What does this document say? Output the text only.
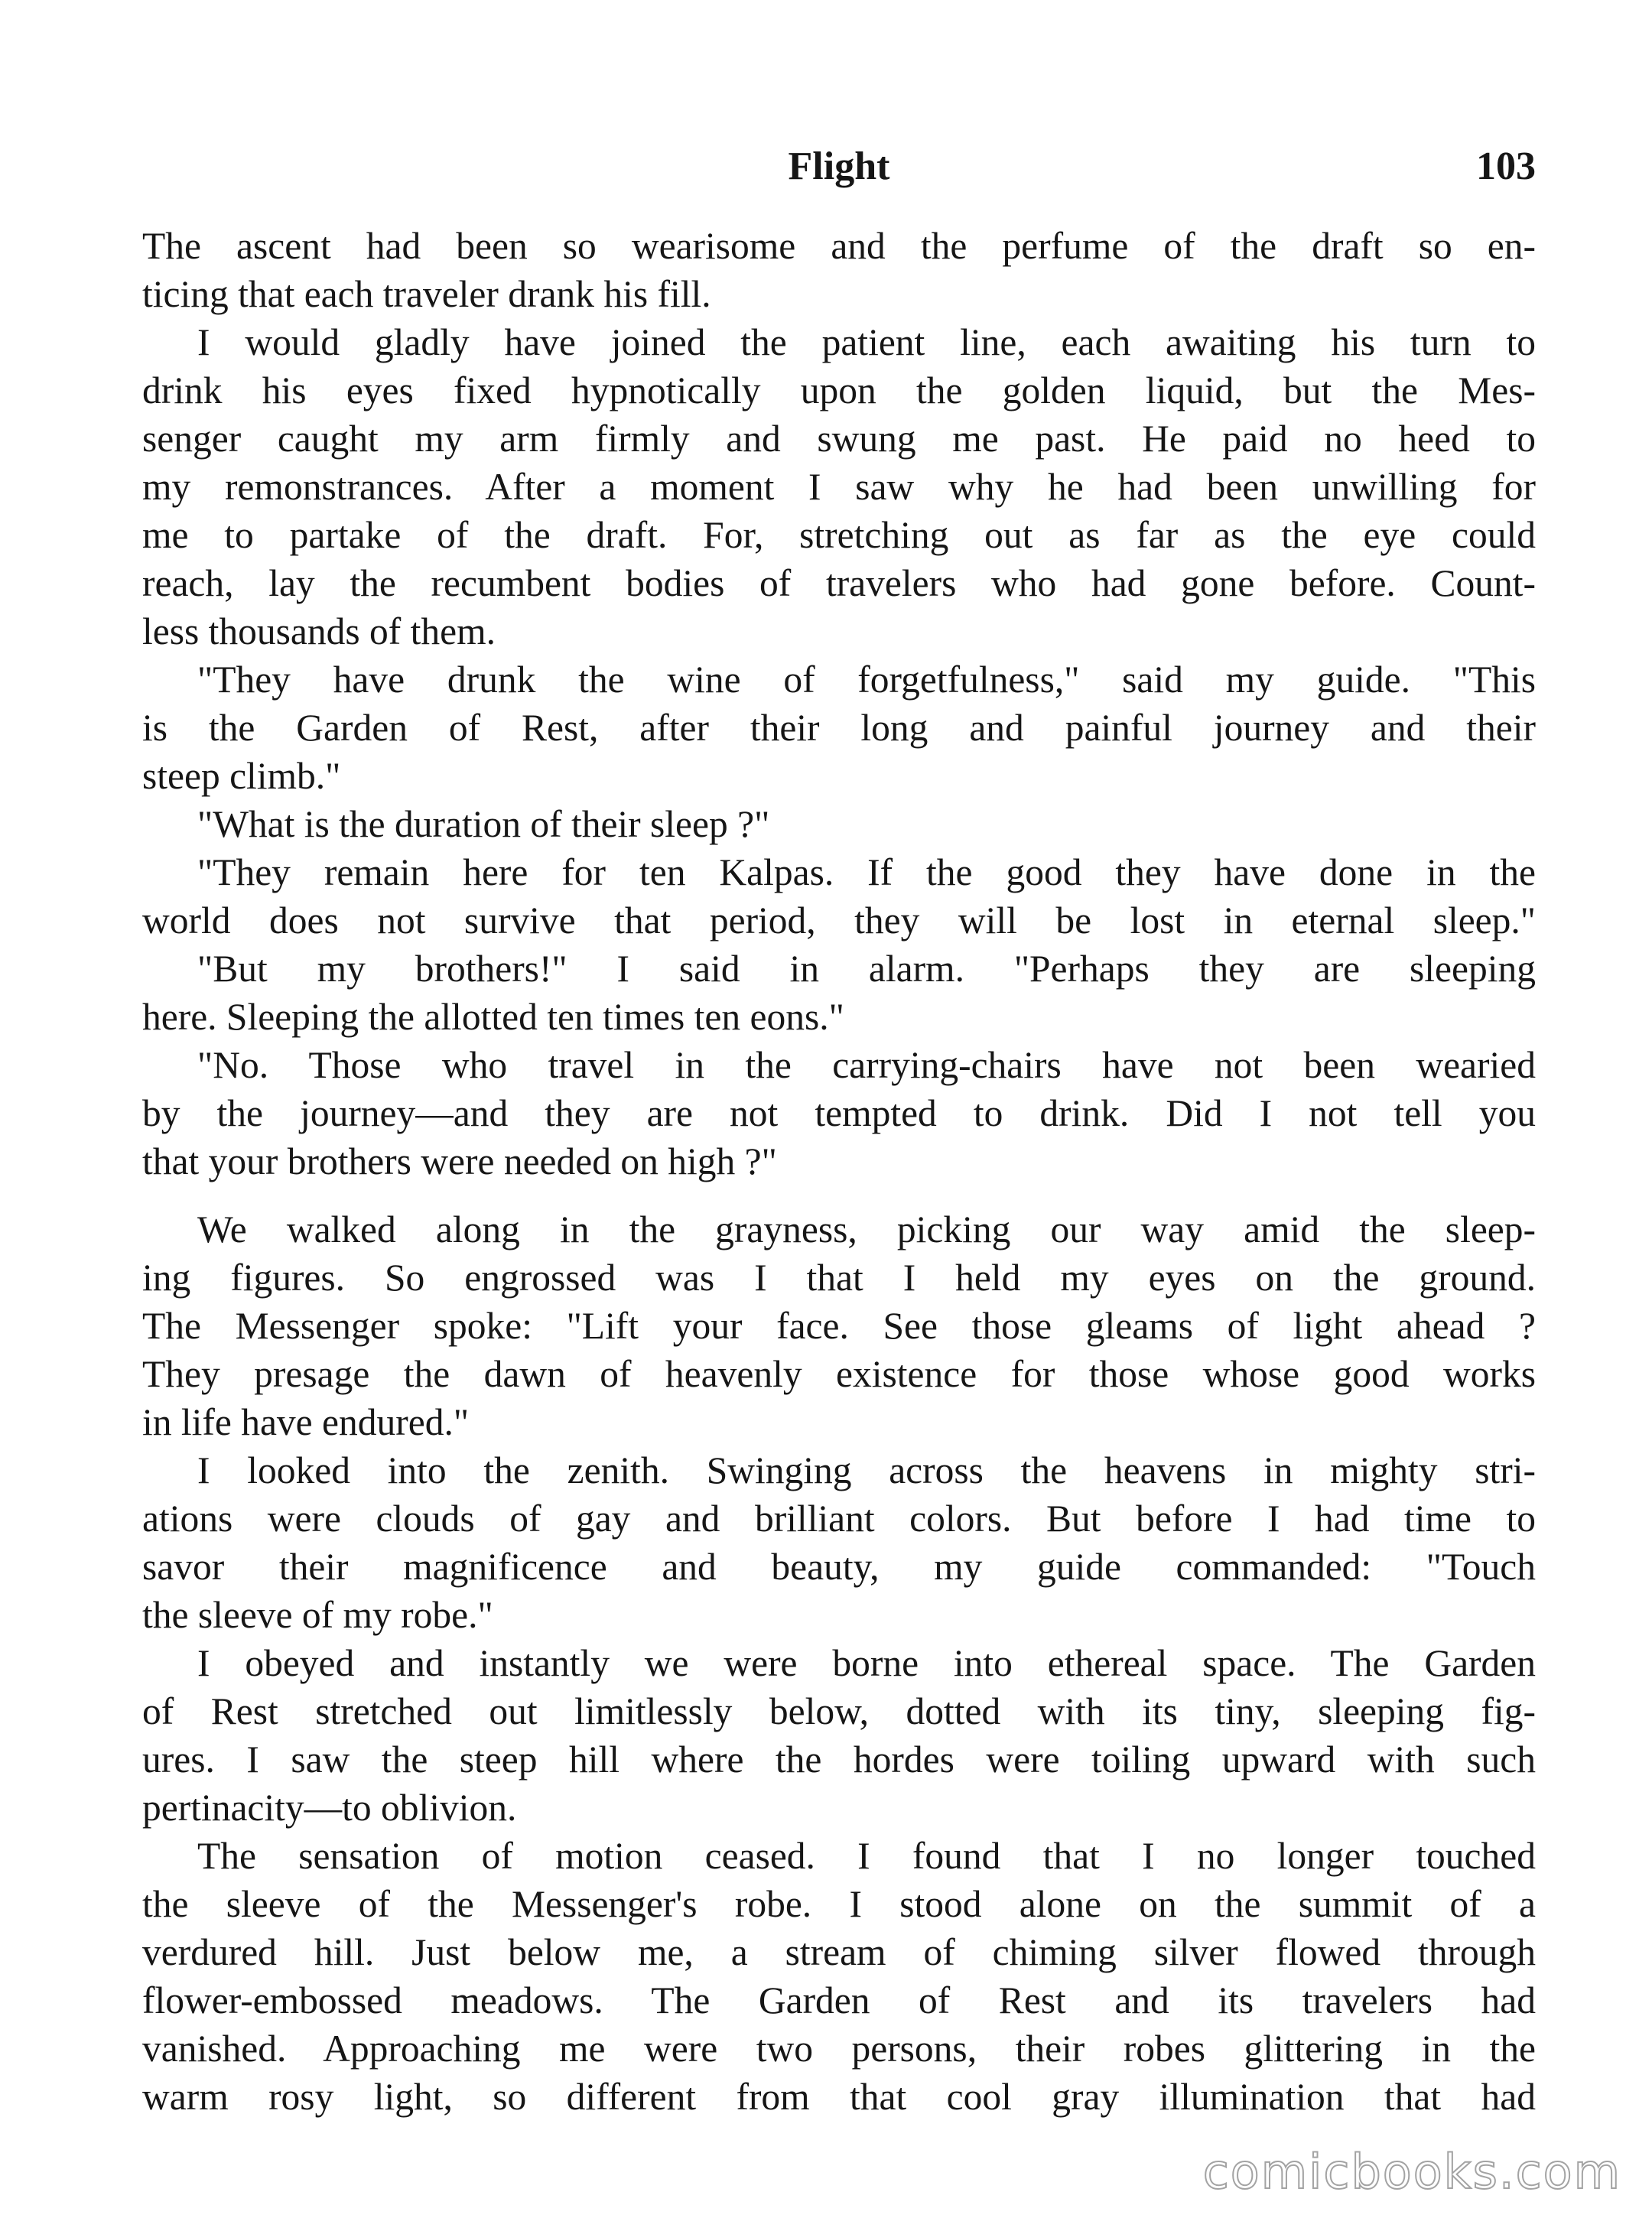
Flight	103
The ascent had been so wearisome and the perfume of the draft so en-
ticing that each traveler drank his fill.
I would gladly have joined the patient line, each awaiting his turn to
drink his eyes fixed hypnotically upon the golden liquid, but the Mes-
senger caught my arm firmly and swung me past. He paid no heed to
my remonstrances. After a moment I saw why he had been unwilling for
me to partake of the draft. For, stretching out as far as the eye could
reach, lay the recumbent bodies of travelers who had gone before. Count-
less thousands of them.
"They have drunk the wine of forgetfulness," said my guide. "This
is the Garden of Rest, after their long and painful journey and their
steep climb."
"What is the duration of their sleep ?"
"They remain here for ten Kalpas. If the good they have done in the
world does not survive that period, they will be lost in eternal sleep."
"But my brothers!" I said in alarm. "Perhaps they are sleeping
here. Sleeping the allotted ten times ten eons."
"No. Those who travel in the carrying-chairs have not been wearied
by the journey—and they are not tempted to drink. Did I not tell you
that your brothers were needed on high ?"
We walked along in the grayness, picking our way amid the sleep-
ing figures. So engrossed was I that I held my eyes on the ground.
The Messenger spoke: "Lift your face. See those gleams of light ahead ?
They presage the dawn of heavenly existence for those whose good works
in life have endured."
I looked into the zenith. Swinging across the heavens in mighty stri-
ations were clouds of gay and brilliant colors. But before I had time to
savor their magnificence and beauty, my guide commanded: "Touch
the sleeve of my robe."
I obeyed and instantly we were borne into ethereal space. The Garden
of Rest stretched out limitlessly below, dotted with its tiny, sleeping fig-
ures. I saw the steep hill where the hordes were toiling upward with such
pertinacity—to oblivion.
The sensation of motion ceased. I found that I no longer touched
the sleeve of the Messenger's robe. I stood alone on the summit of a
verdured hill. Just below me, a stream of chiming silver flowed through
flower-embossed meadows. The Garden of Rest and its travelers had
vanished. Approaching me were two persons, their robes glittering in the
warm rosy light, so different from that cool gray illumination that had
comicbooks.com
